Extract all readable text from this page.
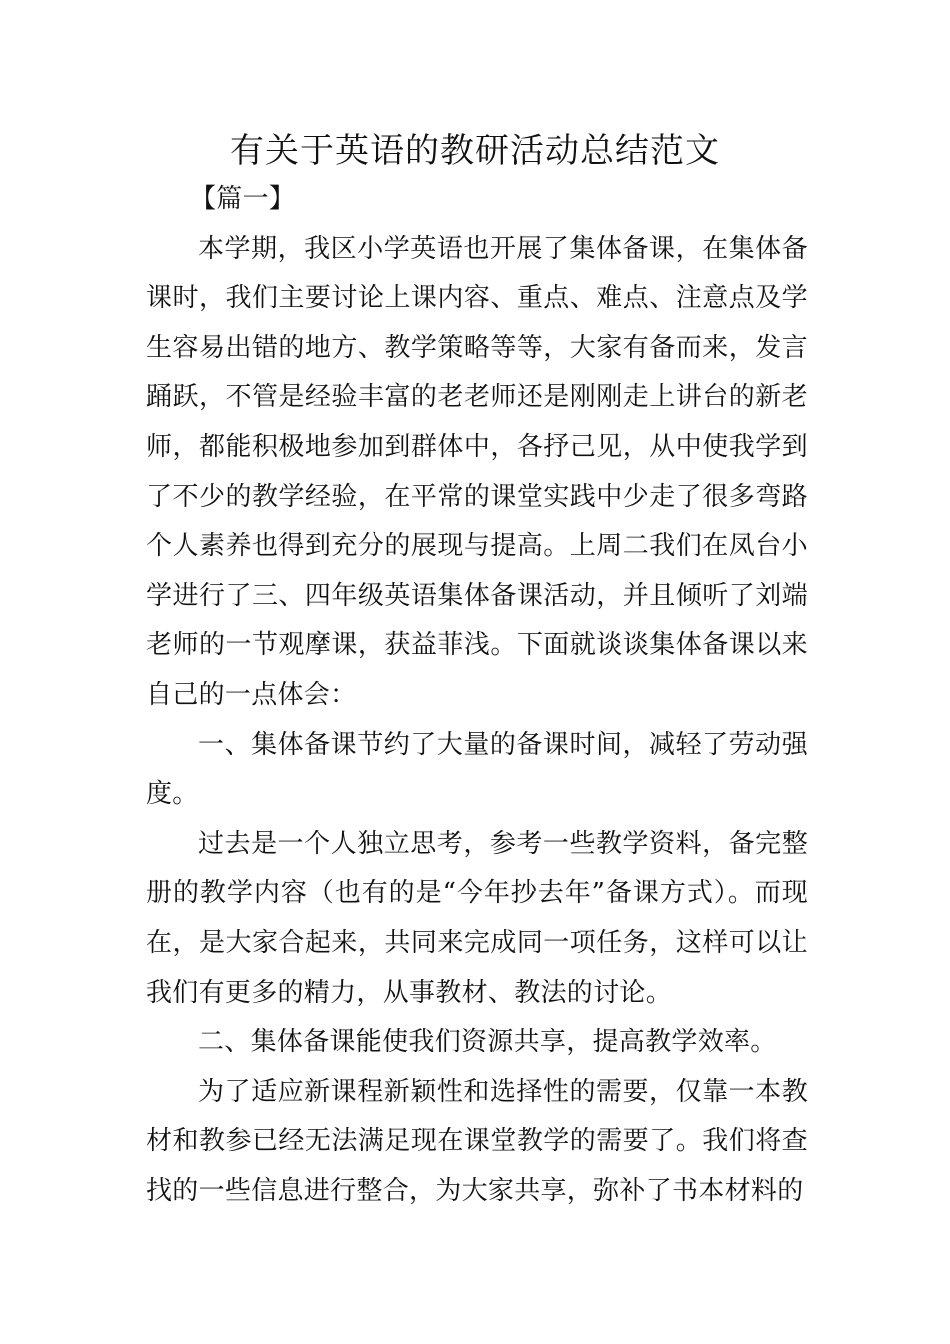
有关于英语的教研活动总结范文

【篇一】

本学期，我区小学英语也开展了集体备课，在集体备课时，我们主要讨论上课内容、重点、难点、注意点及学生容易出错的地方、教学策略等等，大家有备而来，发言踊跃，不管是经验丰富的老老师还是刚刚走上讲台的新老师，都能积极地参加到群体中，各抒己见，从中使我学到了不少的教学经验，在平常的课堂实践中少走了很多弯路个人素养也得到充分的展现与提高。上周二我们在凤台小学进行了三、四年级英语集体备课活动，并且倾听了刘端老师的一节观摩课，获益菲浅。下面就谈谈集体备课以来自己的一点体会：

一、集体备课节约了大量的备课时间，减轻了劳动强度。

过去是一个人独立思考，参考一些教学资料，备完整册的教学内容（也有的是“今年抄去年”备课方式）。而现在，是大家合起来，共同来完成同一项任务，这样可以让我们有更多的精力，从事教材、教法的讨论。

二、集体备课能使我们资源共享，提高教学效率。

为了适应新课程新颖性和选择性的需要，仅靠一本教材和教参已经无法满足现在课堂教学的需要了。我们将查找的一些信息进行整合，为大家共享，弥补了书本材料的
